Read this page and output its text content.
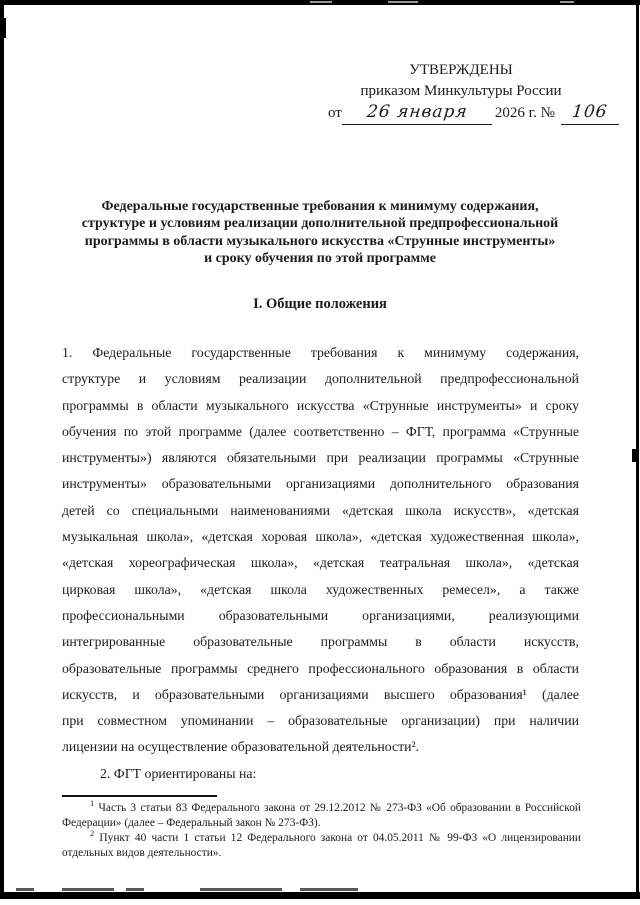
УТВЕРЖДЕНЫ
приказом Минкультуры России
от 26 января 2026 г. № 106
Федеральные государственные требования к минимуму содержания,
структуре и условиям реализации дополнительной предпрофессиональной
программы в области музыкального искусства «Струнные инструменты»
и сроку обучения по этой программе
I. Общие положения
1. Федеральные государственные требования к минимуму содержания,
структуре и условиям реализации дополнительной предпрофессиональной
программы в области музыкального искусства «Струнные инструменты» и сроку
обучения по этой программе (далее соответственно – ФГТ, программа «Струнные
инструменты») являются обязательными при реализации программы «Струнные
инструменты» образовательными организациями дополнительного образования
детей со специальными наименованиями «детская школа искусств», «детская
музыкальная школа», «детская хоровая школа», «детская художественная школа»,
«детская хореографическая школа», «детская театральная школа», «детская
цирковая школа», «детская школа художественных ремесел», а также
профессиональными образовательными организациями, реализующими
интегрированные образовательные программы в области искусств,
образовательные программы среднего профессионального образования в области
искусств, и образовательными организациями высшего образования¹ (далее
при совместном упоминании – образовательные организации) при наличии
лицензии на осуществление образовательной деятельности².
2. ФГТ ориентированы на:

$^1$ Часть 3 статьи 83 Федерального закона от 29.12.2012 № 273-ФЗ «Об образовании в Российской Федерации» (далее – Федеральный закон № 273-ФЗ).

$^2$ Пункт 40 части 1 статьи 12 Федерального закона от 04.05.2011 № 99-ФЗ «О лицензировании отдельных видов деятельности».
